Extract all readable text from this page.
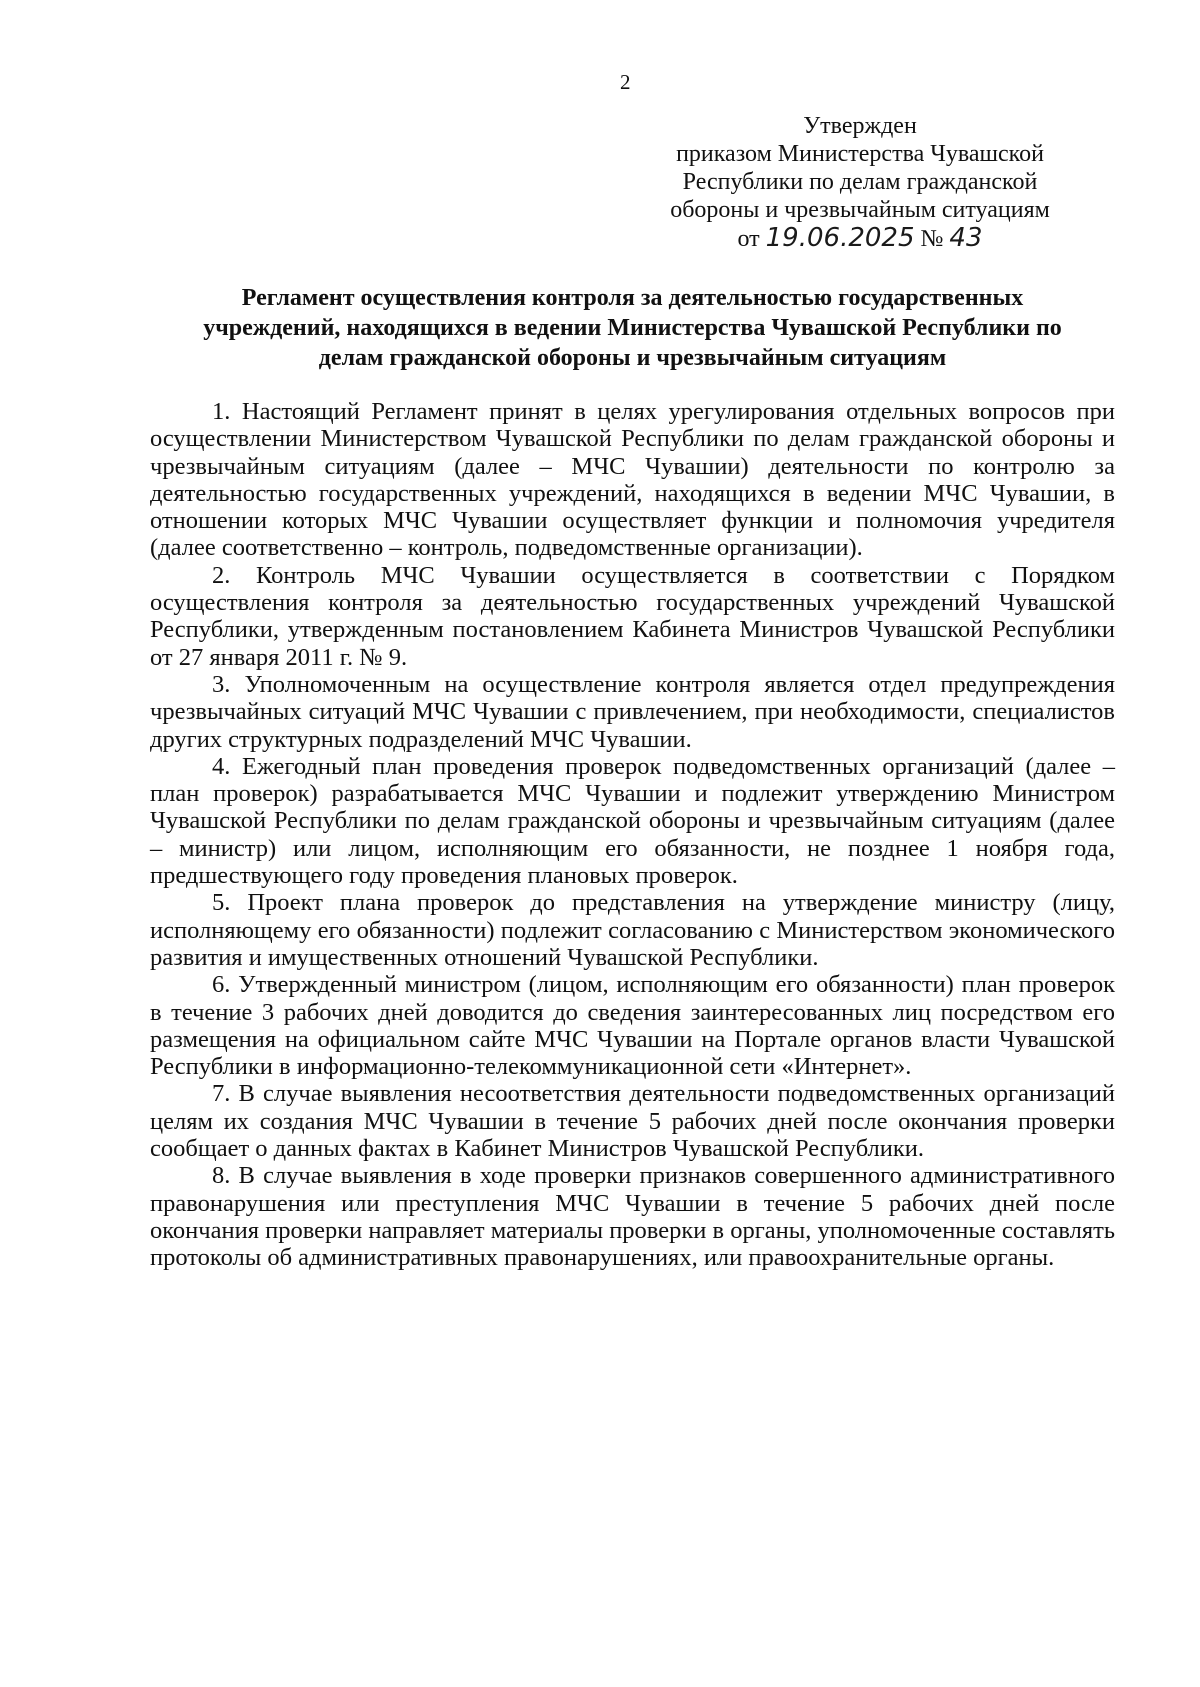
2
Утвержден
приказом Министерства Чувашской
Республики по делам гражданской
обороны и чрезвычайным ситуациям
от 19.06.2025 № 43
Регламент осуществления контроля за деятельностью государственных
учреждений, находящихся в ведении Министерства Чувашской Республики по
делам гражданской обороны и чрезвычайным ситуациям

1. Настоящий Регламент принят в целях урегулирования отдельных вопросов при осуществлении Министерством Чувашской Республики по делам гражданской обороны и чрезвычайным ситуациям (далее – МЧС Чувашии) деятельности по контролю за деятельностью государственных учреждений, находящихся в ведении МЧС Чувашии, в отношении которых МЧС Чувашии осуществляет функции и полномочия учредителя (далее соответственно – контроль, подведомственные организации).

2. Контроль МЧС Чувашии осуществляется в соответствии с Порядком осуществления контроля за деятельностью государственных учреждений Чувашской Республики, утвержденным постановлением Кабинета Министров Чувашской Республики от 27 января 2011 г. № 9.

3. Уполномоченным на осуществление контроля является отдел предупреждения чрезвычайных ситуаций МЧС Чувашии с привлечением, при необходимости, специалистов других структурных подразделений МЧС Чувашии.

4. Ежегодный план проведения проверок подведомственных организаций (далее – план проверок) разрабатывается МЧС Чувашии и подлежит утверждению Министром Чувашской Республики по делам гражданской обороны и чрезвычайным ситуациям (далее – министр) или лицом, исполняющим его обязанности, не позднее 1 ноября года, предшествующего году проведения плановых проверок.

5. Проект плана проверок до представления на утверждение министру (лицу, исполняющему его обязанности) подлежит согласованию с Министерством экономического развития и имущественных отношений Чувашской Республики.

6. Утвержденный министром (лицом, исполняющим его обязанности) план проверок в течение 3 рабочих дней доводится до сведения заинтересованных лиц посредством его размещения на официальном сайте МЧС Чувашии на Портале органов власти Чувашской Республики в информационно-телекоммуникационной сети «Интернет».

7. В случае выявления несоответствия деятельности подведомственных организаций целям их создания МЧС Чувашии в течение 5 рабочих дней после окончания проверки сообщает о данных фактах в Кабинет Министров Чувашской Республики.

8. В случае выявления в ходе проверки признаков совершенного административного правонарушения или преступления МЧС Чувашии в течение 5 рабочих дней после окончания проверки направляет материалы проверки в органы, уполномоченные составлять протоколы об административных правонарушениях, или правоохранительные органы.
